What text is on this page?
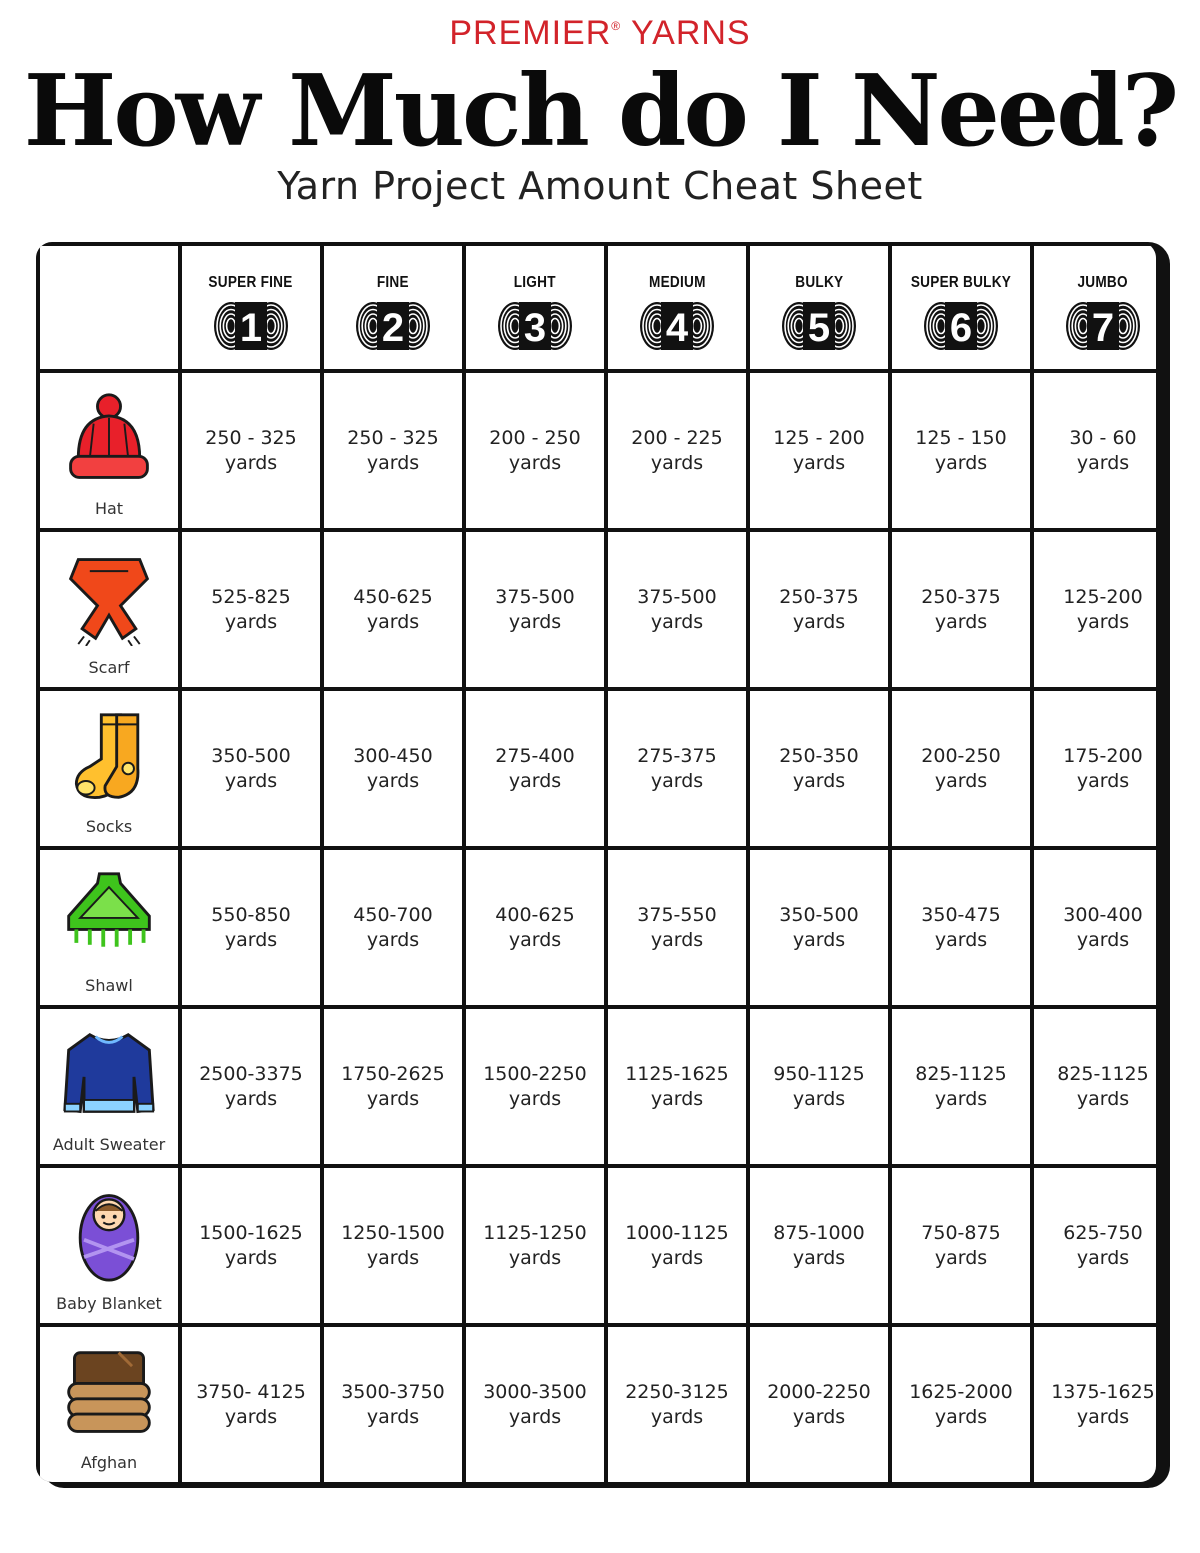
PREMIER® YARNS
How Much do I Need?
Yarn Project Amount Cheat Sheet
SUPER FINE
1
FINE
2
LIGHT
3
MEDIUM
4
BULKY
5
SUPER BULKY
6
JUMBO
7
Hat
250 - 325
yards
250 - 325
yards
200 - 250
yards
200 - 225
yards
125 - 200
yards
125 - 150
yards
30 - 60
yards
Scarf
525-825
yards
450-625
yards
375-500
yards
375-500
yards
250-375
yards
250-375
yards
125-200
yards
Socks
350-500
yards
300-450
yards
275-400
yards
275-375
yards
250-350
yards
200-250
yards
175-200
yards
Shawl
550-850
yards
450-700
yards
400-625
yards
375-550
yards
350-500
yards
350-475
yards
300-400
yards
Adult Sweater
2500-3375
yards
1750-2625
yards
1500-2250
yards
1125-1625
yards
950-1125
yards
825-1125
yards
825-1125
yards
Baby Blanket
1500-1625
yards
1250-1500
yards
1125-1250
yards
1000-1125
yards
875-1000
yards
750-875
yards
625-750
yards
Afghan
3750- 4125
yards
3500-3750
yards
3000-3500
yards
2250-3125
yards
2000-2250
yards
1625-2000
yards
1375-1625
yards
